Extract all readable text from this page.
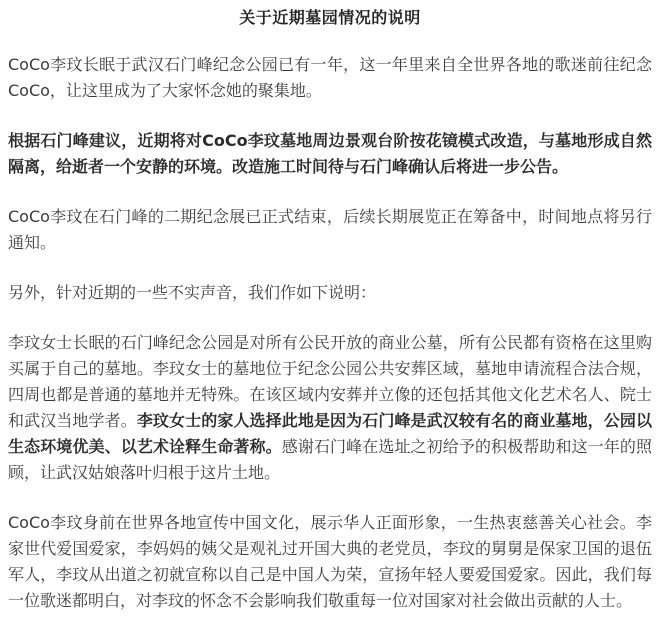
关于近期墓园情况的说明

CoCo李玟长眠于武汉石门峰纪念公园已有一年，这一年里来自全世界各地的歌迷前往纪念CoCo，让这里成为了大家怀念她的聚集地。

根据石门峰建议，近期将对CoCo李玟墓地周边景观台阶按花镜模式改造，与墓地形成自然隔离，给逝者一个安静的环境。改造施工时间待与石门峰确认后将进一步公告。

CoCo李玟在石门峰的二期纪念展已正式结束，后续长期展览正在筹备中，时间地点将另行通知。

另外，针对近期的一些不实声音，我们作如下说明：

李玟女士长眠的石门峰纪念公园是对所有公民开放的商业公墓，所有公民都有资格在这里购买属于自己的墓地。李玟女士的墓地位于纪念公园公共安葬区域，墓地申请流程合法合规，四周也都是普通的墓地并无特殊。在该区域内安葬并立像的还包括其他文化艺术名人、院士和武汉当地学者。李玟女士的家人选择此地是因为石门峰是武汉较有名的商业墓地，公园以生态环境优美、以艺术诠释生命著称。感谢石门峰在选址之初给予的积极帮助和这一年的照顾，让武汉姑娘落叶归根于这片土地。

CoCo李玟身前在世界各地宣传中国文化，展示华人正面形象，一生热衷慈善关心社会。李家世代爱国爱家，李妈妈的姨父是观礼过开国大典的老党员，李玟的舅舅是保家卫国的退伍军人，李玟从出道之初就宣称以自己是中国人为荣，宣扬年轻人要爱国爱家。因此，我们每一位歌迷都明白，对李玟的怀念不会影响我们敬重每一位对国家对社会做出贡献的人士。
